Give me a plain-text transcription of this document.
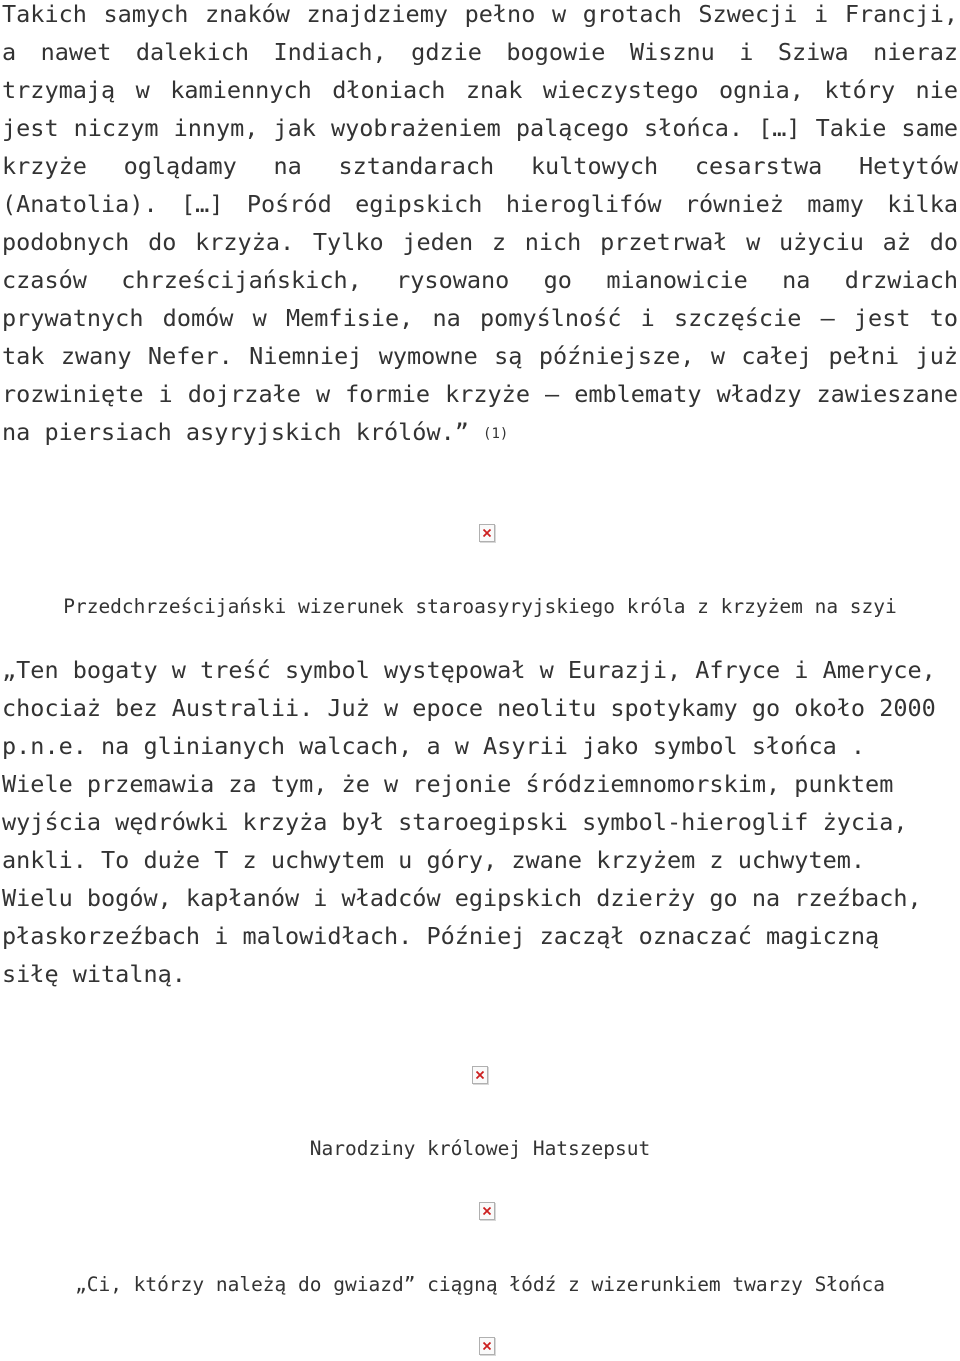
Takich samych znaków znajdziemy pełno w grotach Szwecji i Francji, a nawet dalekich Indiach, gdzie bogowie Wisznu i Sziwa nieraz trzymają w kamiennych dłoniach znak wieczystego ognia, który nie jest niczym innym, jak wyobrażeniem palącego słońca. […] Takie same krzyże oglądamy na sztandarach kultowych cesarstwa Hetytów (Anatolia). […] Pośród egipskich hieroglifów również mamy kilka podobnych do krzyża. Tylko jeden z nich przetrwał w użyciu aż do czasów chrześcijańskich, rysowano go mianowicie na drzwiach prywatnych domów w Memfisie, na pomyślność i szczęście – jest to tak zwany Nefer. Niemniej wymowne są późniejsze, w całej pełni już rozwinięte i dojrzałe w formie krzyże – emblematy władzy zawieszane na piersiach asyryjskich królów.” (1)

Przedchrześcijański wizerunek staroasyryjskiego króla z krzyżem na szyi

„Ten bogaty w treść symbol występował w Eurazji, Afryce i Ameryce, chociaż bez Australii. Już w epoce neolitu spotykamy go około 2000 p.n.e. na glinianych walcach, a w Asyrii jako symbol słońca . Wiele przemawia za tym, że w rejonie śródziemnomorskim, punktem wyjścia wędrówki krzyża był staroegipski symbol-hieroglif życia, ankli. To duże T z uchwytem u góry, zwane krzyżem z uchwytem. Wielu bogów, kapłanów i władców egipskich dzierży go na rzeźbach, płaskorzeźbach i malowidłach. Później zaczął oznaczać magiczną siłę witalną.

Narodziny królowej Hatszepsut

„Ci, którzy należą do gwiazd” ciągną łódź z wizerunkiem twarzy Słońca
